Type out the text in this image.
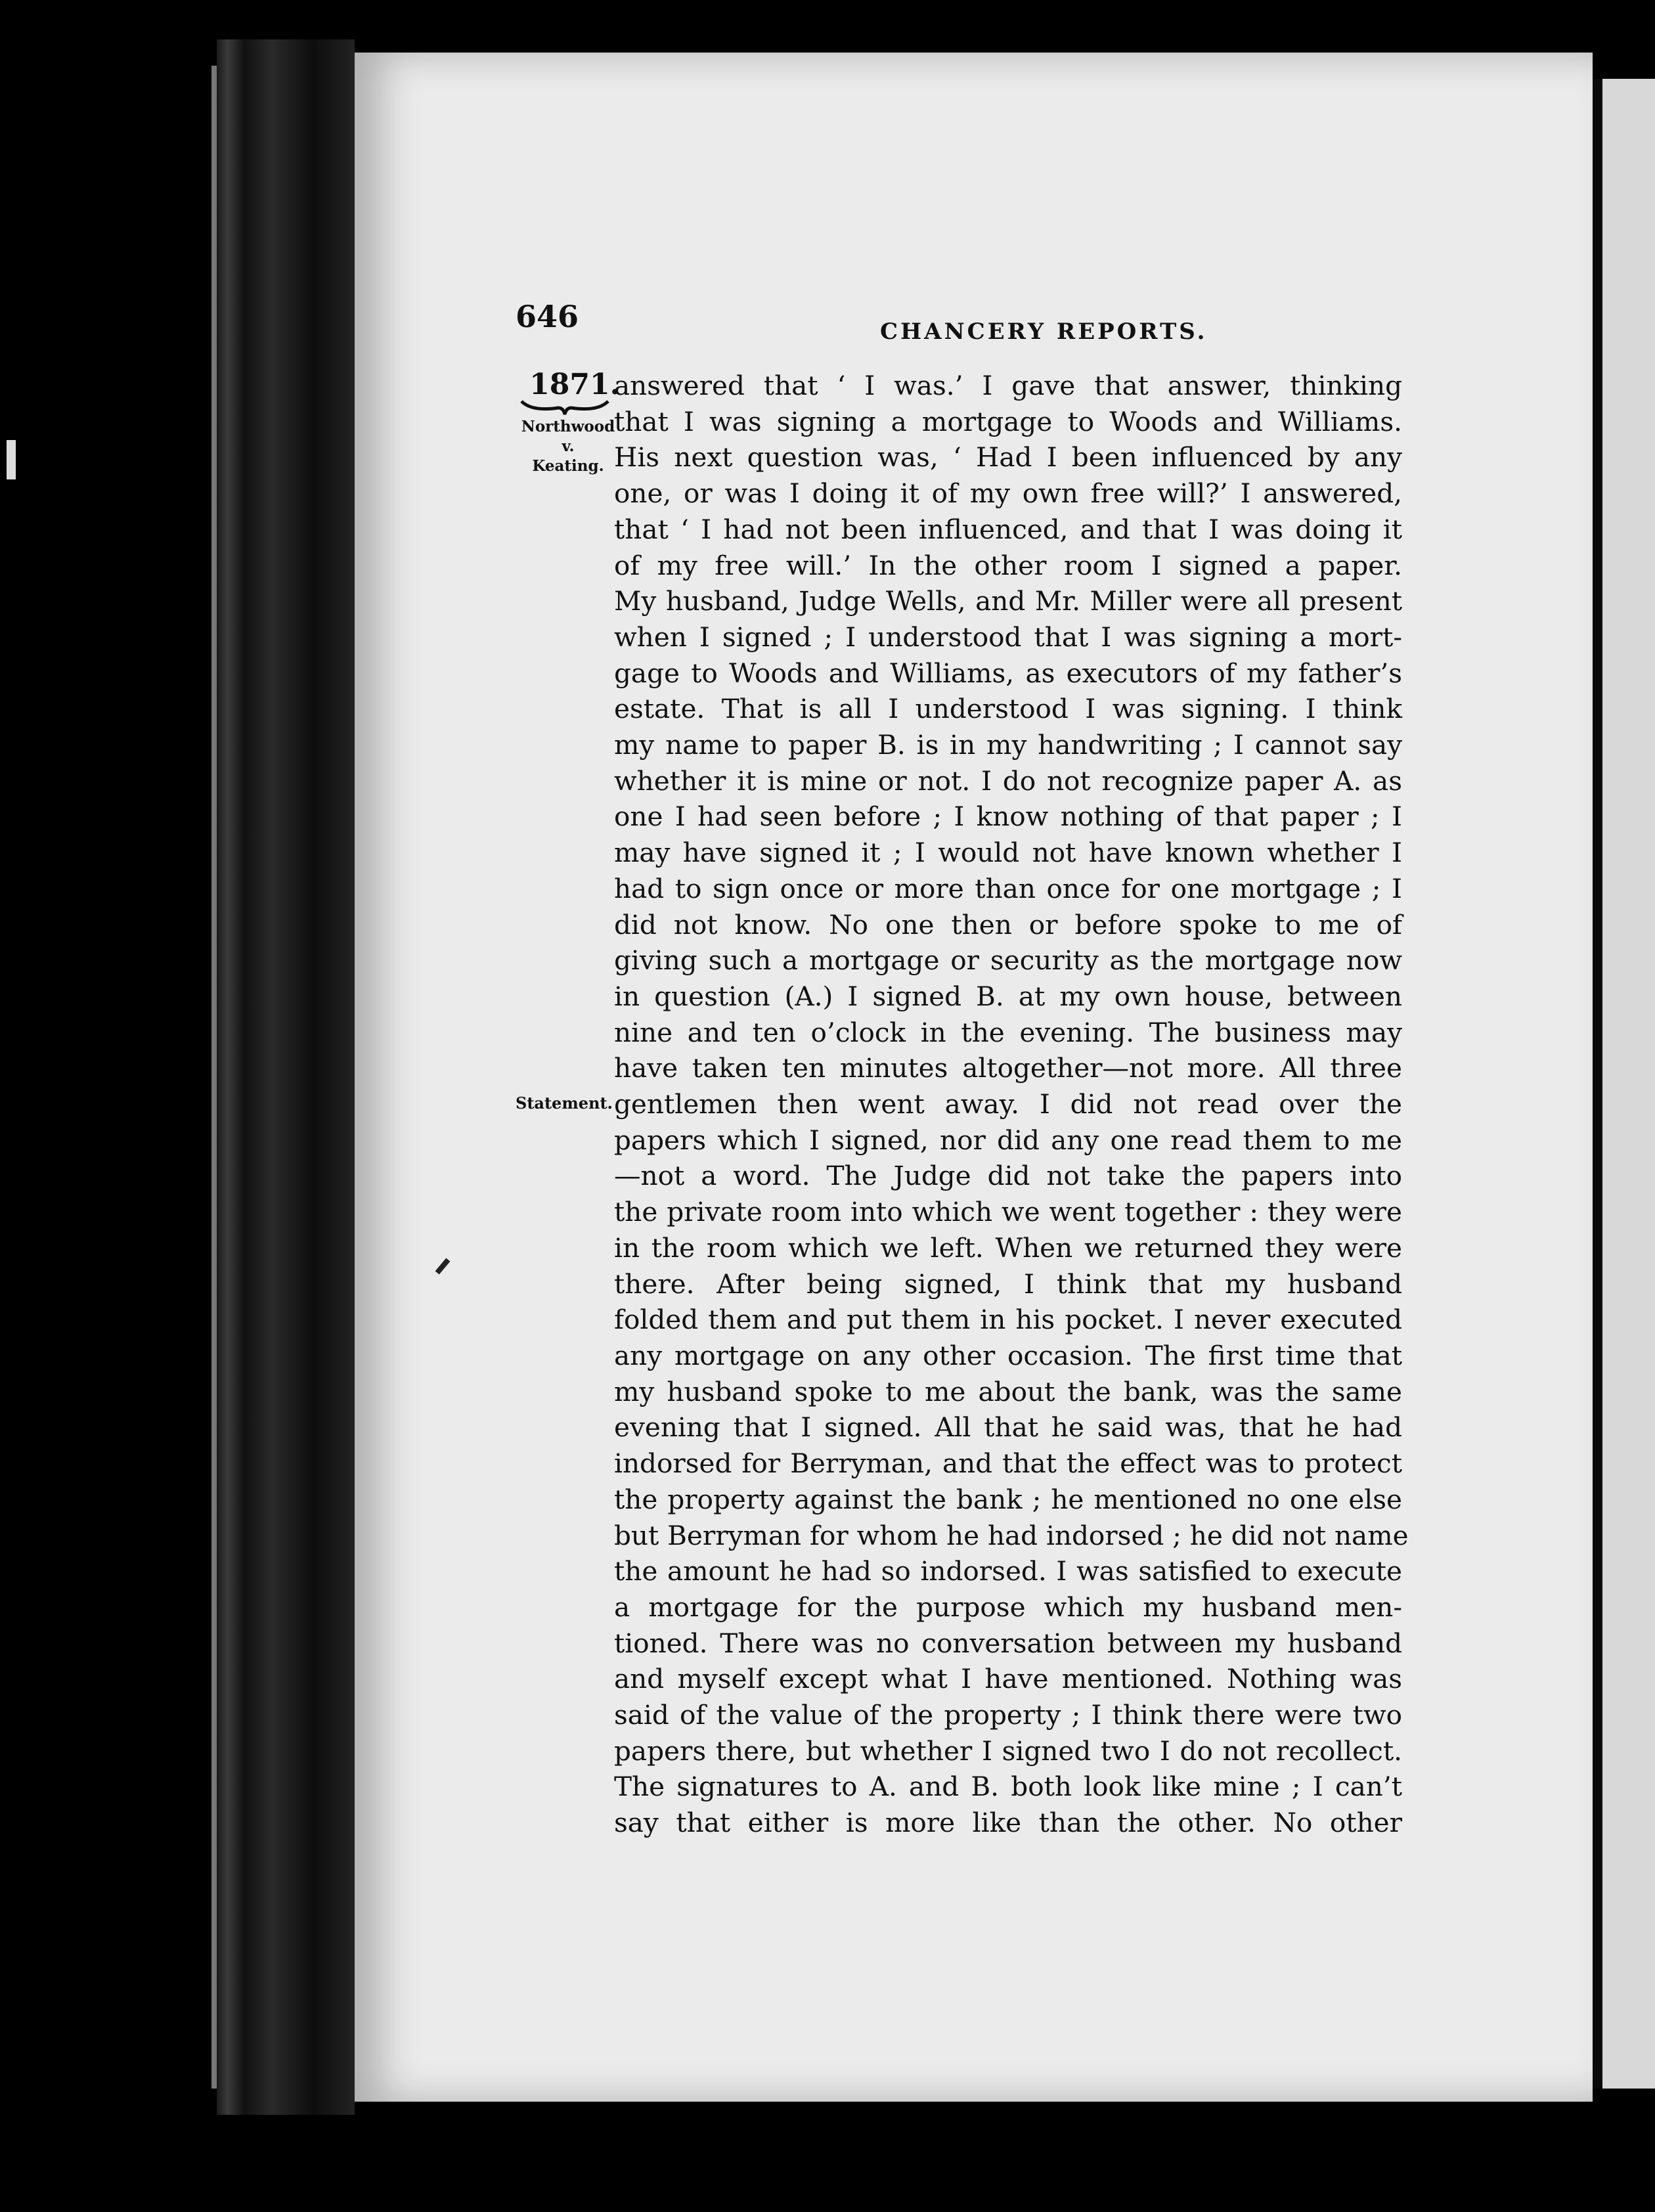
646	CHANCERY REPORTS.
1871.
Northwood
v.
Keating.
Statement.
answered that ‘ I was.’ I gave that answer, thinking
that I was signing a mortgage to Woods and Williams.
His next question was, ‘ Had I been influenced by any
one, or was I doing it of my own free will?’ I answered,
that ‘ I had not been influenced, and that I was doing it
of my free will.’ In the other room I signed a paper.
My husband, Judge Wells, and Mr. Miller were all present
when I signed ; I understood that I was signing a mort-
gage to Woods and Williams, as executors of my father’s
estate. That is all I understood I was signing. I think
my name to paper B. is in my handwriting ; I cannot say
whether it is mine or not. I do not recognize paper A. as
one I had seen before ; I know nothing of that paper ; I
may have signed it ; I would not have known whether I
had to sign once or more than once for one mortgage ; I
did not know. No one then or before spoke to me of
giving such a mortgage or security as the mortgage now
in question (A.) I signed B. at my own house, between
nine and ten o’clock in the evening. The business may
have taken ten minutes altogether—not more. All three
gentlemen then went away. I did not read over the
papers which I signed, nor did any one read them to me
—not a word. The Judge did not take the papers into
the private room into which we went together : they were
in the room which we left. When we returned they were
there. After being signed, I think that my husband
folded them and put them in his pocket. I never executed
any mortgage on any other occasion. The first time that
my husband spoke to me about the bank, was the same
evening that I signed. All that he said was, that he had
indorsed for Berryman, and that the effect was to protect
the property against the bank ; he mentioned no one else
but Berryman for whom he had indorsed ; he did not name
the amount he had so indorsed. I was satisfied to execute
a mortgage for the purpose which my husband men-
tioned. There was no conversation between my husband
and myself except what I have mentioned. Nothing was
said of the value of the property ; I think there were two
papers there, but whether I signed two I do not recollect.
The signatures to A. and B. both look like mine ; I can’t
say that either is more like than the other. No other
